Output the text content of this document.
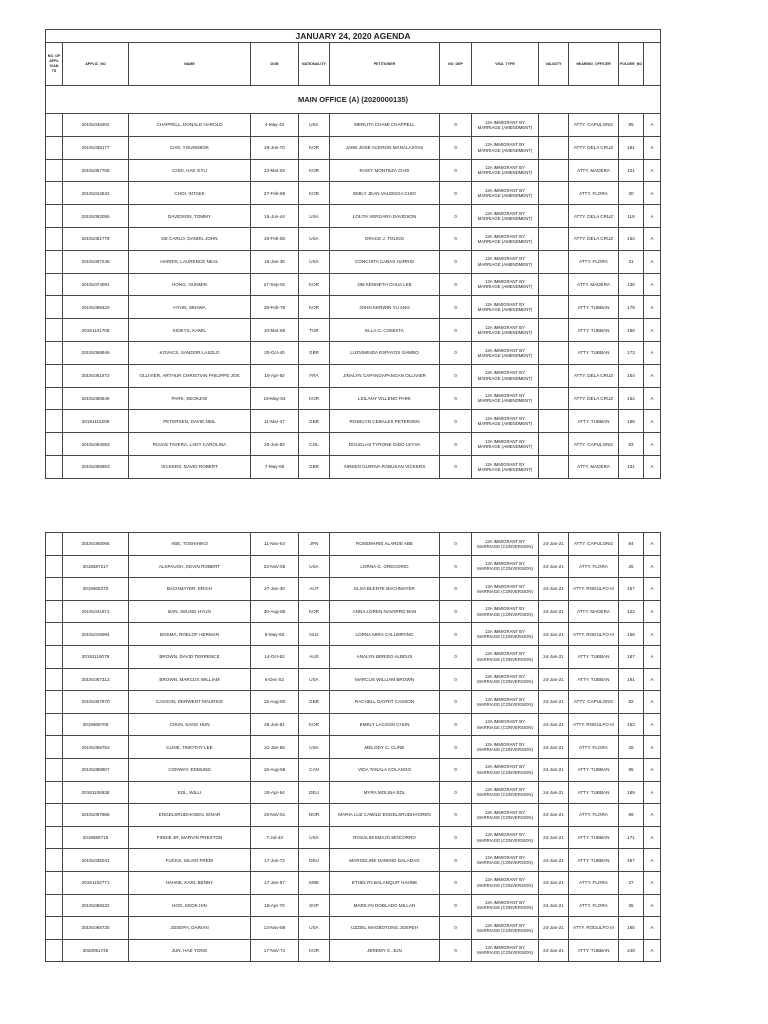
JANUARY 24, 2020 AGENDA											
NO. OF APPL ICAN TS	APPLIC_NO	NAME	DOB	NATIONALITY	PETITIONER	NO_DEP	VISA_TYPE	VALIDITY	HEARING_OFFICER	FOLDER_NO	
MAIN OFFICE (A) (2020000135)											
	20191045302	CHAPPELL, DONALD HAROLD	4-May-43	USA	MERLITA CHAMI CHAPPELL	0	13A IMMIGRANT BY MARRIAGE (AMENDMENT)		ATTY. CAPULONG	85	A
	20191035177	CHO, YOUNGBOK	26-Jun-70	KOR	JANE JOSE ACERON MANALASTAS	0	13A IMMIGRANT BY MARRIAGE (AMENDMENT)		ATTY. DELA CRUZ	181	A
	20191057765	CHOI, HAK GYU	13-Mar-62	KOR	RAISY MONTEZA CHOI	0	13A IMMIGRANT BY MARRIAGE (AMENDMENT)		ATTY. MADERA	121	A
	20191042542	CHOI, INTAEK	27-Feb-68	KOR	EMILY JEAN VALENCIA CHOI	0	13A IMMIGRANT BY MARRIAGE (AMENDMENT)		ATTY. FLORA	30	A
	20191082055	DAVIDSON, TOMMY	15-Jun-44	USA	LOLITA VERGARA DAVIDSON	0	13A IMMIGRANT BY MARRIAGE (AMENDMENT)		ATTY. DELA CRUZ	119	A
	20191051778	DE CARLO, DANIEL JOHN	15-Feb-60	USA	GRACE J. TOLING	0	13A IMMIGRANT BY MARRIAGE (AMENDMENT)		ATTY. DELA CRUZ	153	A
	20191097246	HARRIS, LAURENCE NEAL	19-Jan-45	USA	CONCHITA CABAS HARRIS	0	13A IMMIGRANT BY MARRIAGE (AMENDMENT)		ATTY. FLORA	31	A
	20191074091	HONG, OUNMIN	27-Sep-91	KOR	JIM KENNETH CHUA LEE	0	13A IMMIGRANT BY MARRIAGE (AMENDMENT)		ATTY. MADERA	130	A
	20191099420	HYUN, SEHWA	28-Feb-79	KOR	JOHN KERWIN YU ANG	0	13A IMMIGRANT BY MARRIAGE (AMENDMENT)		ATTY. TUBBAN	179	A
	20191101706	KIDEYS, KAMIL	10-Mar-68	TUR	ELLA C. COMISTA	0	13A IMMIGRANT BY MARRIAGE (AMENDMENT)		ATTY. TUBBAN	180	A
	20191068846	KOVACS, SANDOR LASZLO	20-Oct-40	GBR	LUZVIMINDA ESPAYOS GAMBO	0	13A IMMIGRANT BY MARRIAGE (AMENDMENT)		ATTY. TUBBAN	173	A
	20191061672	OLLIVIER, ARTHUR CHRISTIAN PHILIPPE JOS	10-Apr-92	FRA	JINALYN CAPANGAPANGAN OLLIVIER	0	13A IMMIGRANT BY MARRIAGE (AMENDMENT)		ATTY. DELA CRUZ	154	A
	20191086846	PARK, SEOKJAE	19-May-63	KOR	LEILANY VILLENO PARK	0	13A IMMIGRANT BY MARRIAGE (AMENDMENT)		ATTY. DELA CRUZ	152	A
	20191115209	PETERSEN, DAVID NEIL	11-Mar-47	GBR	ROSELYN CEBALES PETERSEN	0	13A IMMIGRANT BY MARRIAGE (AMENDMENT)		ATTY. TUBBAN	188	A
	20191084053	ROJAS TAVERA, LADY CAROLINA	20-Jun-82	COL	DOUGLAS TYRONE GIDO LEYVA	0	13A IMMIGRANT BY MARRIAGE (AMENDMENT)		ATTY. CAPULONG	83	A
	20191055853	VICKERS, DAVID ROBERT	7-May-58	GBR	AIREEN GUIRIVA RABUSAN VICKERS	0	13A IMMIGRANT BY MARRIAGE (AMENDMENT)		ATTY. MADERA	131	A
	20191068066	ABE, TOSHIHIKO	11-Nov-54	JPN	ROSEMARIE ALARDE ABE	0	13A IMMIGRANT BY MARRIAGE (CONVERSION)	24-Jan-21	ATTY. CAPULONG	84	A
	2018587217	ALSPAUGH, KEVIN ROBERT	22-Nov-55	USA	LORNA G. GREGORIO	0	13A IMMIGRANT BY MARRIAGE (CONVERSION)	24-Jan-21	ATTY. FLORA	25	A
	2019605370	BACHMAYER, ERICH	27-Jan-40	AUT	ELSA BLENTE BACHMAYER	0	13A IMMIGRANT BY MARRIAGE (CONVERSION)	24-Jan-21	ATTY. RODULFO III	167	A
	20191041971	BAN, SEUNG HYUN	30-Aug-85	KOR	ANNA LOREN NAVARRO BAN	0	13A IMMIGRANT BY MARRIAGE (CONVERSION)	24-Jan-21	ATTY. MADERA	122	A
	20191018094	BOSMA, ROELOF HERMAN	8-May-53	NLD	LORNA MIRA CALUMPANG	0	13A IMMIGRANT BY MARRIAGE (CONVERSION)	24-Jan-21	ATTY. RODULFO III	166	A
	20191116078	BROWN, DAVID TERRENCE	14-Oct-62	AUS	ANALYN BERISO ALBEUS	0	13A IMMIGRANT BY MARRIAGE (CONVERSION)	24-Jan-21	ATTY. TUBBAN	187	A
	20191087313	BROWN, MARCUS WILLIAM	6-Dec-52	USA	MARCUS WILLIAM BROWN	0	13A IMMIGRANT BY MARRIAGE (CONVERSION)	24-Jan-21	ATTY. TUBBAN	191	A
	20191067970	CASSON, DERWENT MAURICE	15-Aug-50	GBR	RACHELL DAYRIT CASSON	0	13A IMMIGRANT BY MARRIAGE (CONVERSION)	24-Jan-21	ATTY. CAPULONG	82	A
	2019605706	CHUN, SANG HUN	26-Jun-61	KOR	EMELY LACSON CHUN	0	13A IMMIGRANT BY MARRIAGE (CONVERSION)	24-Jan-21	ATTY. RODULFO III	163	A
	20191056752	CLINE, TIMOTHY LEE	31-Jan-58	USA	MELODY C. CLINE	0	13A IMMIGRANT BY MARRIAGE (CONVERSION)	24-Jan-21	ATTY. FLORA	28	A
	20191088907	CONWAY, EDMUND	18-Aug-58	CAN	VIDA TANALA COLANGO	0	13A IMMIGRANT BY MARRIAGE (CONVERSION)	24-Jan-21	ATTY. TUBBAN	95	A
	20191106536	EDL, WILLI	20-Apr-54	DEU	MYRA MOLINA EDL	0	13A IMMIGRANT BY MARRIAGE (CONVERSION)	24-Jan-21	ATTY. TUBBAN	189	A
	20191097985	ENGELSRUDHAGEN, EINAR	19-Nov-51	NOR	MARIA LUZ CAWILE ENGELSRUDHAGREN	0	13A IMMIGRANT BY MARRIAGE (CONVERSION)	24-Jan-21	ATTY. FLORA	99	A
	2018566715	FIDDIE JR, MARVIN PRESTON	7-Jul-43	USA	ROSALIM EBAJO MOCORRO	0	13A IMMIGRANT BY MARRIAGE (CONVERSION)	24-Jan-21	ATTY. TUBBAN	171	A
	20191035041	FUCKS, SILVIO FREDI	17-Jun-72	DEU	MARGELINE DAWING DALADAG	0	13A IMMIGRANT BY MARRIAGE (CONVERSION)	24-Jan-21	ATTY. TUBBAN	467	A
	20191102771	HAHNE, KARL BENNY	17-Jan-57	SWE	ETHELYN BALANQUIT HAHNE	0	13A IMMIGRANT BY MARRIAGE (CONVERSION)	24-Jan-21	ATTY. FLORA	27	A
	20191098232	HOO, KEOK HIN	18-Apr-70	SGP	MARILYN DOBLADO MILLAN	0	13A IMMIGRANT BY MARRIAGE (CONVERSION)	24-Jan-21	ATTY. FLORA	35	A
	20191065730	JOSEPH, DARIAN	13-Nov-88	USA	UZZIEL MAGBOTONG JOSPEH	0	13A IMMIGRANT BY MARRIAGE (CONVERSION)	24-Jan-21	ATTY. RODULFO III	165	A
	2020051745	JUN, HAE YONG	17-Nov-71	KOR	JEREMY C. JUN	0	13A IMMIGRANT BY MARRIAGE (CONVERSION)	24-Jan-21	ATTY. TUBBAN	249	A
